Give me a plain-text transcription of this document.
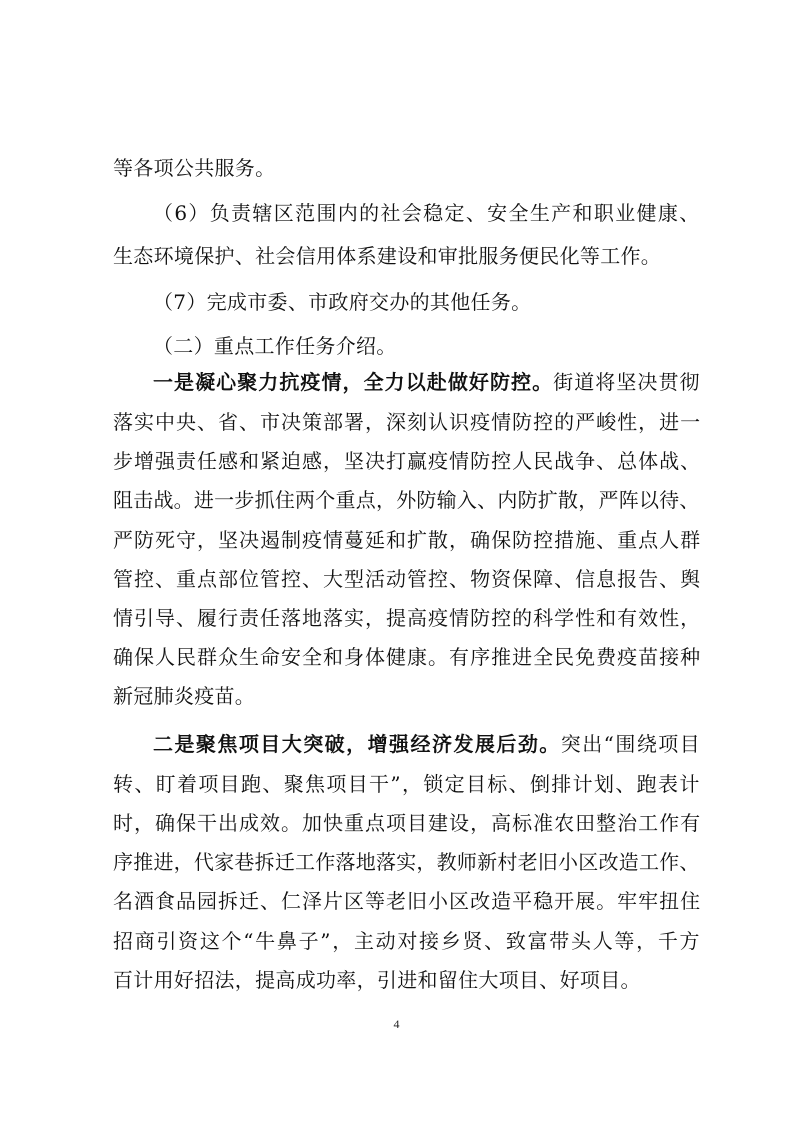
等各项公共服务。
（6）负责辖区范围内的社会稳定、安全生产和职业健康、
生态环境保护、社会信用体系建设和审批服务便民化等工作。
（7）完成市委、市政府交办的其他任务。
（二）重点工作任务介绍。
一是凝心聚力抗疫情，全力以赴做好防控。街道将坚决贯彻
落实中央、省、市决策部署，深刻认识疫情防控的严峻性，进一
步增强责任感和紧迫感，坚决打赢疫情防控人民战争、总体战、
阻击战。进一步抓住两个重点，外防输入、内防扩散，严阵以待、
严防死守，坚决遏制疫情蔓延和扩散，确保防控措施、重点人群
管控、重点部位管控、大型活动管控、物资保障、信息报告、舆
情引导、履行责任落地落实，提高疫情防控的科学性和有效性，
确保人民群众生命安全和身体健康。有序推进全民免费疫苗接种
新冠肺炎疫苗。
二是聚焦项目大突破，增强经济发展后劲。突出“围绕项目
转、盯着项目跑、聚焦项目干”，锁定目标、倒排计划、跑表计
时，确保干出成效。加快重点项目建设，高标准农田整治工作有
序推进，代家巷拆迁工作落地落实，教师新村老旧小区改造工作、
名酒食品园拆迁、仁泽片区等老旧小区改造平稳开展。牢牢扭住
招商引资这个“牛鼻子”，主动对接乡贤、致富带头人等，千方
百计用好招法，提高成功率，引进和留住大项目、好项目。
4
